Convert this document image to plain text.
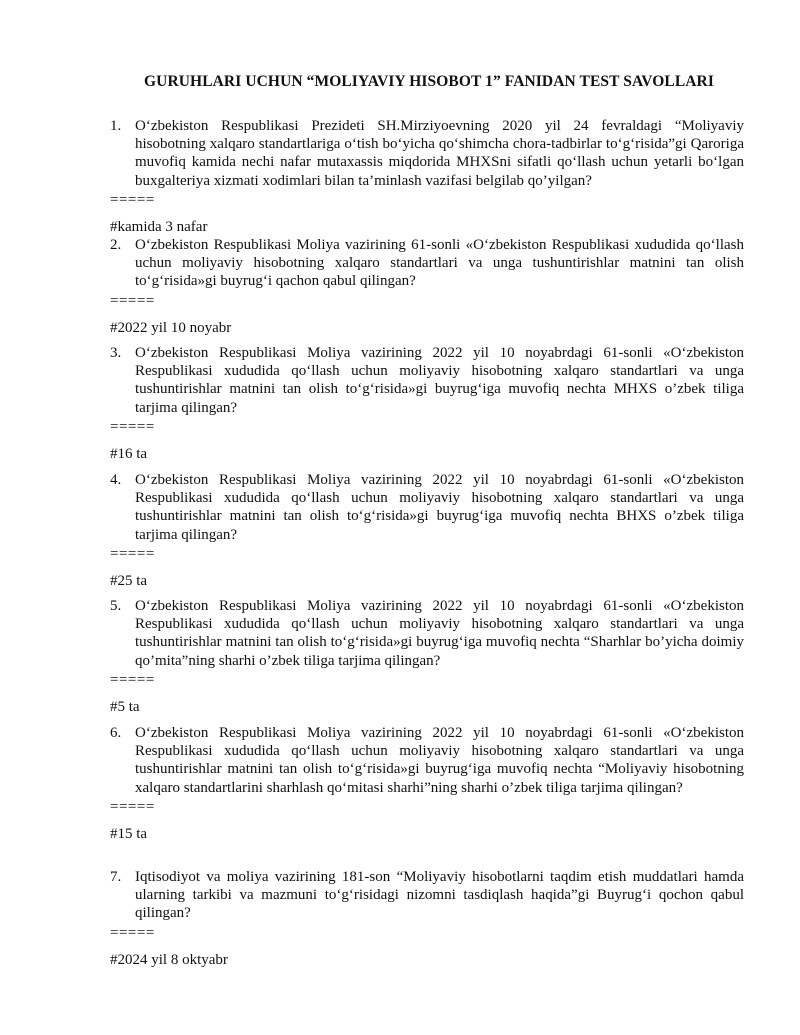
GURUHLARI UCHUN “MOLIYAVIY HISOBOT 1” FANIDAN TEST SAVOLLARI
1. O‘zbekiston Respublikasi Prezideti SH.Mirziyoevning 2020 yil 24 fevraldagi “Moliyaviy hisobotning xalqaro standartlariga o‘tish bo‘yicha qo‘shimcha chora-tadbirlar to‘g‘risida”gi Qaroriga muvofiq kamida nechi nafar mutaxassis miqdorida MHXSni sifatli qo‘llash uchun yetarli bo‘lgan buxgalteriya xizmati xodimlari bilan ta’minlash vazifasi belgilab qo’yilgan?
=====
#kamida 3 nafar
2. O‘zbekiston Respublikasi Moliya vazirining 61-sonli «O‘zbekiston Respublikasi xududida qo‘llash uchun moliyaviy hisobotning xalqaro standartlari va unga tushuntirishlar matnini tan olish to‘g‘risida»gi buyrug‘i qachon qabul qilingan?
=====
#2022 yil 10 noyabr
3. O‘zbekiston Respublikasi Moliya vazirining 2022 yil 10 noyabrdagi 61-sonli «O‘zbekiston Respublikasi xududida qo‘llash uchun moliyaviy hisobotning xalqaro standartlari va unga tushuntirishlar matnini tan olish to‘g‘risida»gi buyrug‘iga muvofiq nechta MHXS o’zbek tiliga tarjima qilingan?
=====
#16 ta
4. O‘zbekiston Respublikasi Moliya vazirining 2022 yil 10 noyabrdagi 61-sonli «O‘zbekiston Respublikasi xududida qo‘llash uchun moliyaviy hisobotning xalqaro standartlari va unga tushuntirishlar matnini tan olish to‘g‘risida»gi buyrug‘iga muvofiq nechta BHXS o’zbek tiliga tarjima qilingan?
=====
#25 ta
5. O‘zbekiston Respublikasi Moliya vazirining 2022 yil 10 noyabrdagi 61-sonli «O‘zbekiston Respublikasi xududida qo‘llash uchun moliyaviy hisobotning xalqaro standartlari va unga tushuntirishlar matnini tan olish to‘g‘risida»gi buyrug‘iga muvofiq nechta “Sharhlar bo’yicha doimiy qo’mita”ning sharhi o’zbek tiliga tarjima qilingan?
=====
#5 ta
6. O‘zbekiston Respublikasi Moliya vazirining 2022 yil 10 noyabrdagi 61-sonli «O‘zbekiston Respublikasi xududida qo‘llash uchun moliyaviy hisobotning xalqaro standartlari va unga tushuntirishlar matnini tan olish to‘g‘risida»gi buyrug‘iga muvofiq nechta “Moliyaviy hisobotning xalqaro standartlarini sharhlash qo‘mitasi sharhi”ning sharhi o’zbek tiliga tarjima qilingan?
=====
#15 ta
7. Iqtisodiyot va moliya vazirining 181-son “Moliyaviy hisobotlarni taqdim etish muddatlari hamda ularning tarkibi va mazmuni to‘g‘risidagi nizomni tasdiqlash haqida”gi Buyrug‘i qochon qabul qilingan?
=====
#2024 yil 8 oktyabr
